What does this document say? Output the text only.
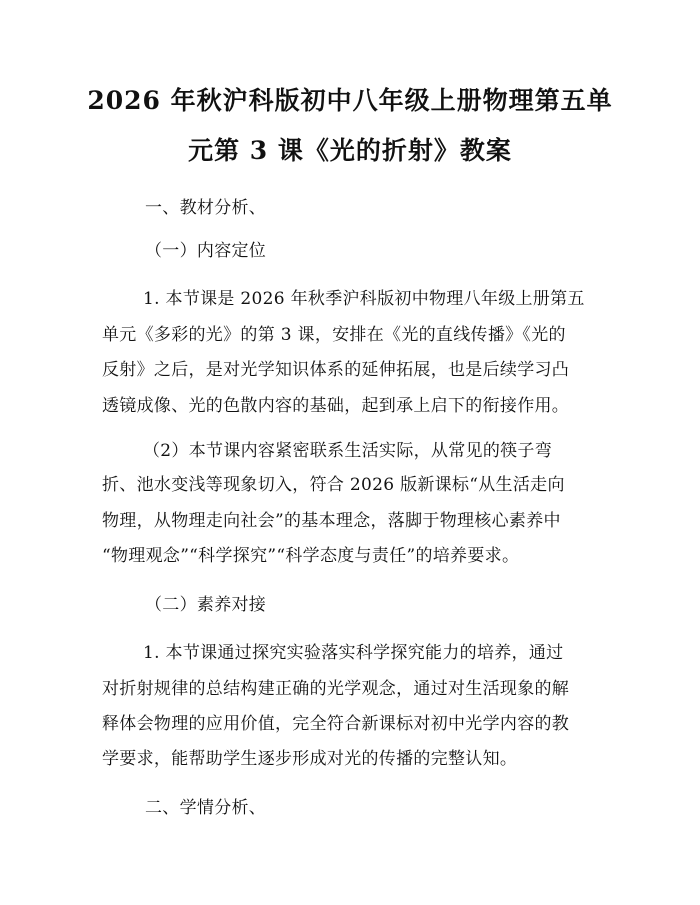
2026 年秋沪科版初中八年级上册物理第五单
元第 3 课《光的折射》教案
一、教材分析、
（一）内容定位
1. 本节课是 2026 年秋季沪科版初中物理八年级上册第五
单元《多彩的光》的第 3 课，安排在《光的直线传播》《光的
反射》之后，是对光学知识体系的延伸拓展，也是后续学习凸
透镜成像、光的色散内容的基础，起到承上启下的衔接作用。
（2）本节课内容紧密联系生活实际，从常见的筷子弯
折、池水变浅等现象切入，符合 2026 版新课标“从生活走向
物理，从物理走向社会”的基本理念，落脚于物理核心素养中
“物理观念”“科学探究”“科学态度与责任”的培养要求。
（二）素养对接
1. 本节课通过探究实验落实科学探究能力的培养，通过
对折射规律的总结构建正确的光学观念，通过对生活现象的解
释体会物理的应用价值，完全符合新课标对初中光学内容的教
学要求，能帮助学生逐步形成对光的传播的完整认知。
二、学情分析、
